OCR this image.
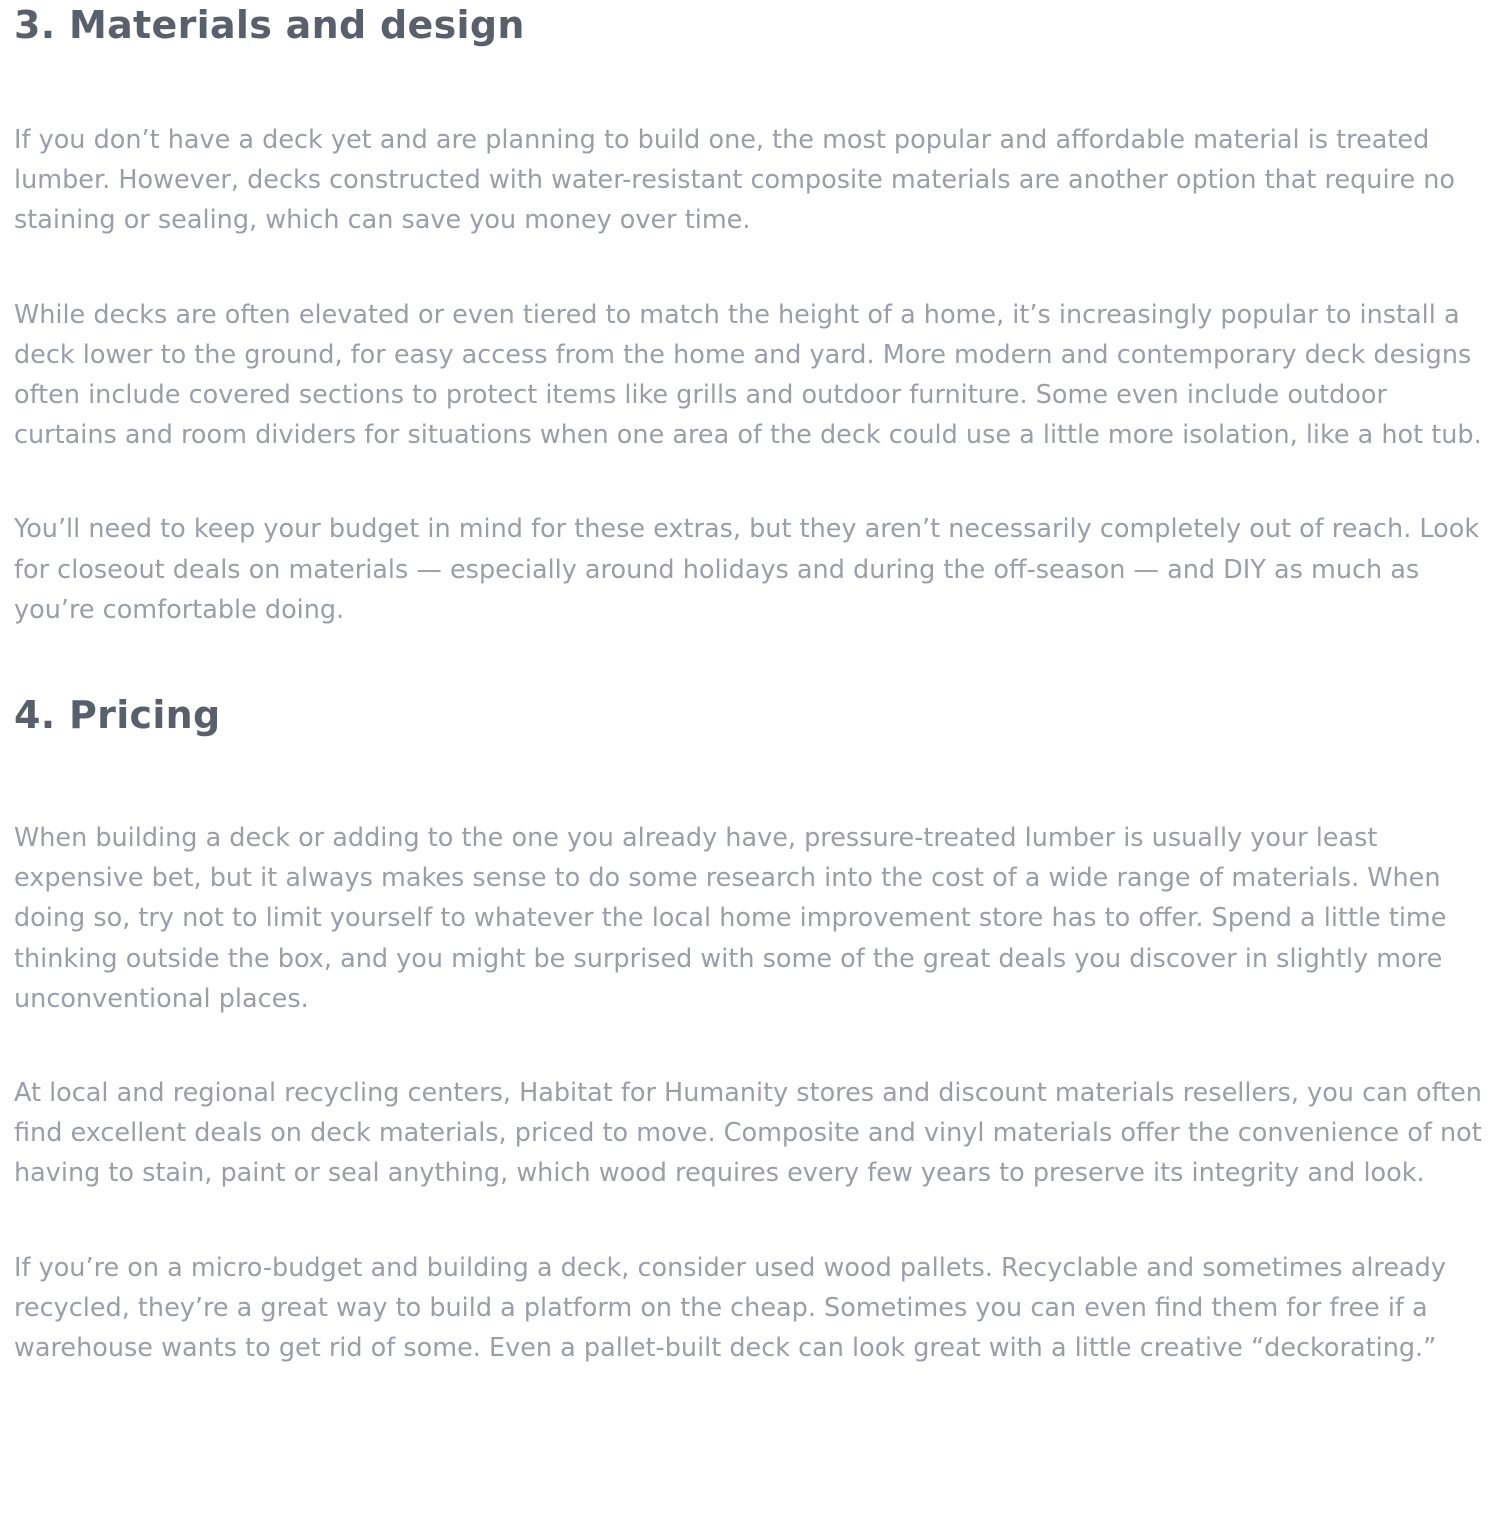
3. Materials and design

If you don’t have a deck yet and are planning to build one, the most popular and affordable material is treated lumber. However, decks constructed with water-resistant composite materials are another option that require no staining or sealing, which can save you money over time.

While decks are often elevated or even tiered to match the height of a home, it’s increasingly popular to install a deck lower to the ground, for easy access from the home and yard. More modern and contemporary deck designs often include covered sections to protect items like grills and outdoor furniture. Some even include outdoor curtains and room dividers for situations when one area of the deck could use a little more isolation, like a hot tub.

You’ll need to keep your budget in mind for these extras, but they aren’t necessarily completely out of reach. Look for closeout deals on materials — especially around holidays and during the off-season — and DIY as much as you’re comfortable doing.

4. Pricing

When building a deck or adding to the one you already have, pressure-treated lumber is usually your least expensive bet, but it always makes sense to do some research into the cost of a wide range of materials. When doing so, try not to limit yourself to whatever the local home improvement store has to offer. Spend a little time thinking outside the box, and you might be surprised with some of the great deals you discover in slightly more unconventional places.

At local and regional recycling centers, Habitat for Humanity stores and discount materials resellers, you can often find excellent deals on deck materials, priced to move. Composite and vinyl materials offer the convenience of not having to stain, paint or seal anything, which wood requires every few years to preserve its integrity and look.

If you’re on a micro-budget and building a deck, consider used wood pallets. Recyclable and sometimes already recycled, they’re a great way to build a platform on the cheap. Sometimes you can even find them for free if a warehouse wants to get rid of some. Even a pallet-built deck can look great with a little creative “deckorating.”
